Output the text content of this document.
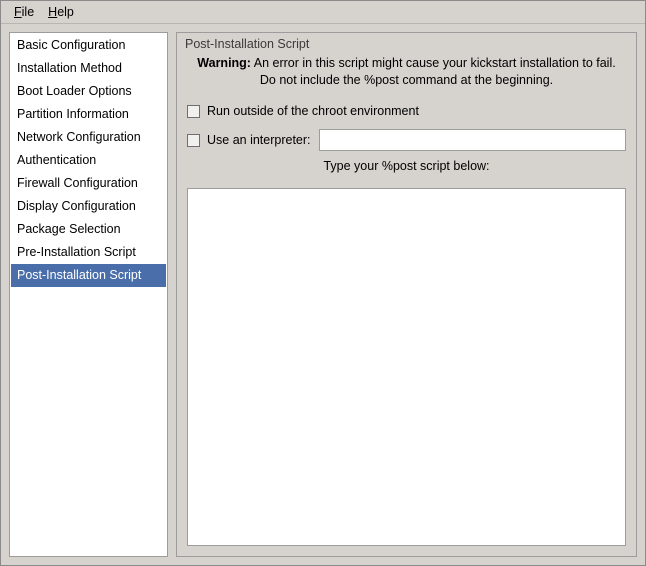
File	Help
Basic Configuration
Installation Method
Boot Loader Options
Partition Information
Network Configuration
Authentication
Firewall Configuration
Display Configuration
Package Selection
Pre-Installation Script
Post-Installation Script
Post-Installation Script
Warning: An error in this script might cause your kickstart installation to fail. Do not include the %post command at the beginning.
Run outside of the chroot environment
Use an interpreter:
Type your %post script below:
